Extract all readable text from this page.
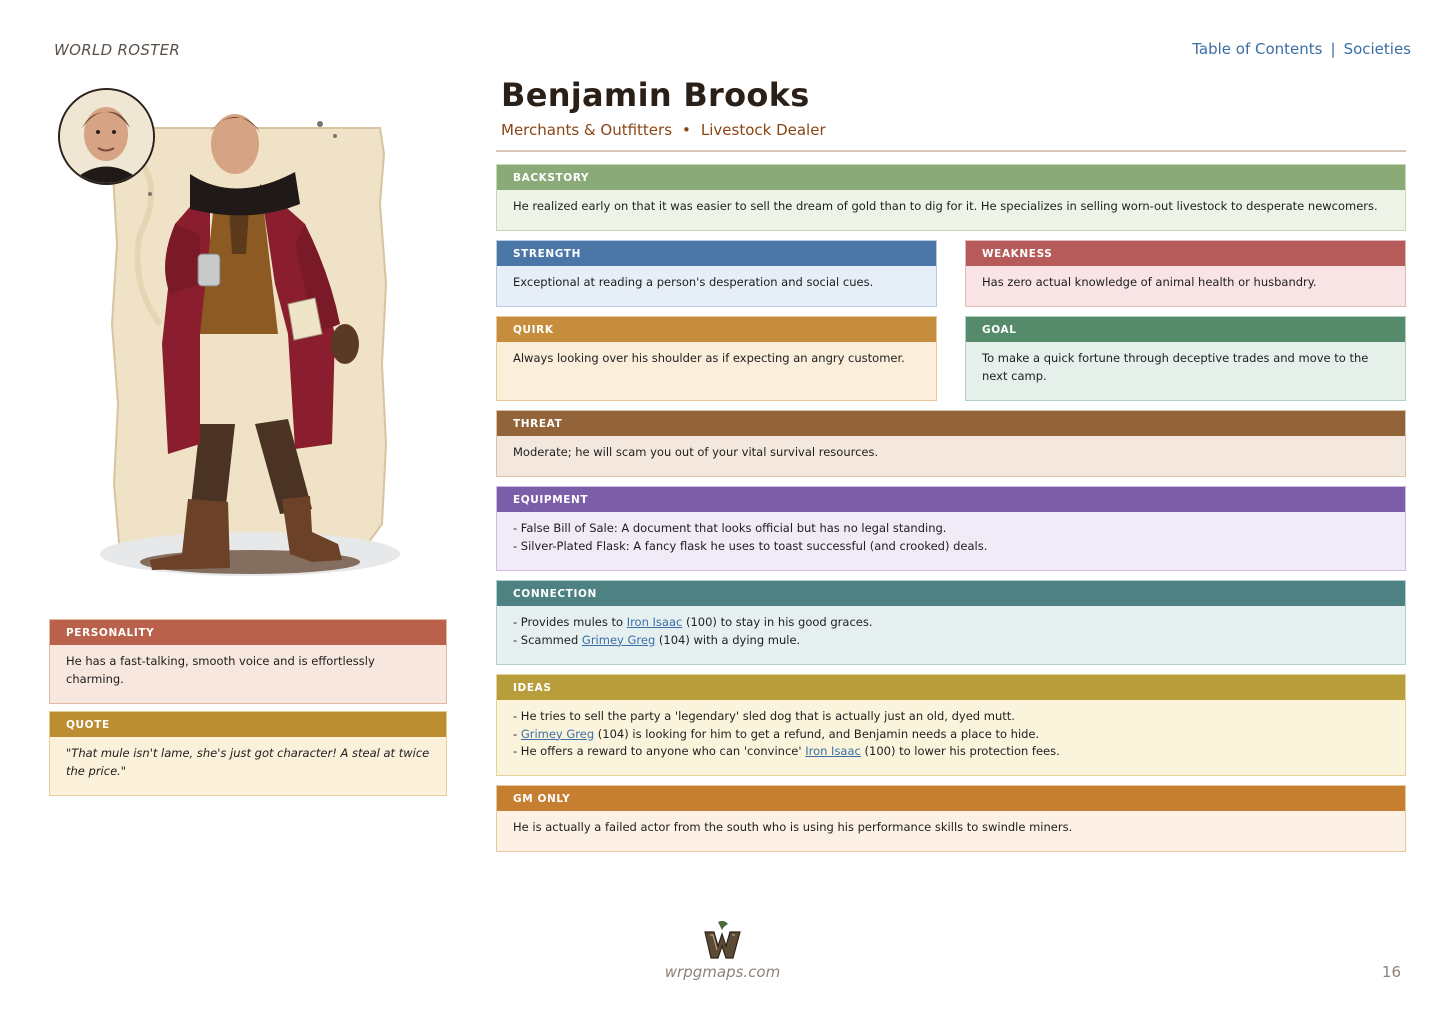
WORLD ROSTER	Table of Contents | Societies
Benjamin Brooks
Merchants & Outfitters • Livestock Dealer
BACKSTORY
He realized early on that it was easier to sell the dream of gold than to dig for it. He specializes in selling worn-out livestock to desperate newcomers.
STRENGTH
Exceptional at reading a person's desperation and social cues.
WEAKNESS
Has zero actual knowledge of animal health or husbandry.
QUIRK
Always looking over his shoulder as if expecting an angry customer.
GOAL
To make a quick fortune through deceptive trades and move to the next camp.
THREAT
Moderate; he will scam you out of your vital survival resources.
EQUIPMENT
- False Bill of Sale: A document that looks official but has no legal standing.
- Silver-Plated Flask: A fancy flask he uses to toast successful (and crooked) deals.
CONNECTION
- Provides mules to Iron Isaac (100) to stay in his good graces.
- Scammed Grimey Greg (104) with a dying mule.
IDEAS
- He tries to sell the party a 'legendary' sled dog that is actually just an old, dyed mutt.
- Grimey Greg (104) is looking for him to get a refund, and Benjamin needs a place to hide.
- He offers a reward to anyone who can 'convince' Iron Isaac (100) to lower his protection fees.
GM ONLY
He is actually a failed actor from the south who is using his performance skills to swindle miners.
PERSONALITY
He has a fast-talking, smooth voice and is effortlessly charming.
QUOTE
"That mule isn't lame, she's just got character! A steal at twice the price."
wrpgmaps.com	16
